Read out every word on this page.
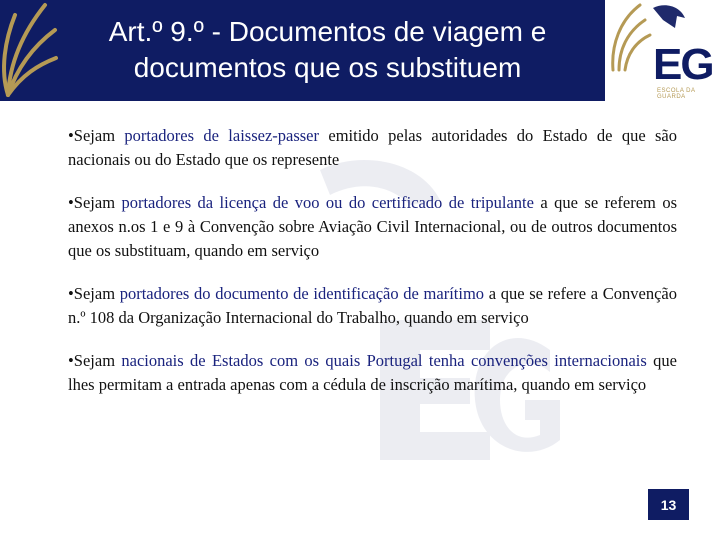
Art.º 9.º - Documentos de viagem e
documentos que os substituem	EG
ESCOLA DA GUARDA

•Sejam portadores de laissez-passer emitido pelas autoridades do Estado de que são nacionais ou do Estado que os represente

•Sejam portadores da licença de voo ou do certificado de tripulante a que se referem os anexos n.os 1 e 9 à Convenção sobre Aviação Civil Internacional, ou de outros documentos que os substituam, quando em serviço

•Sejam portadores do documento de identificação de marítimo a que se refere a Convenção n.º 108 da Organização Internacional do Trabalho, quando em serviço

•Sejam nacionais de Estados com os quais Portugal tenha convenções internacionais que lhes permitam a entrada apenas com a cédula de inscrição marítima, quando em serviço

13
